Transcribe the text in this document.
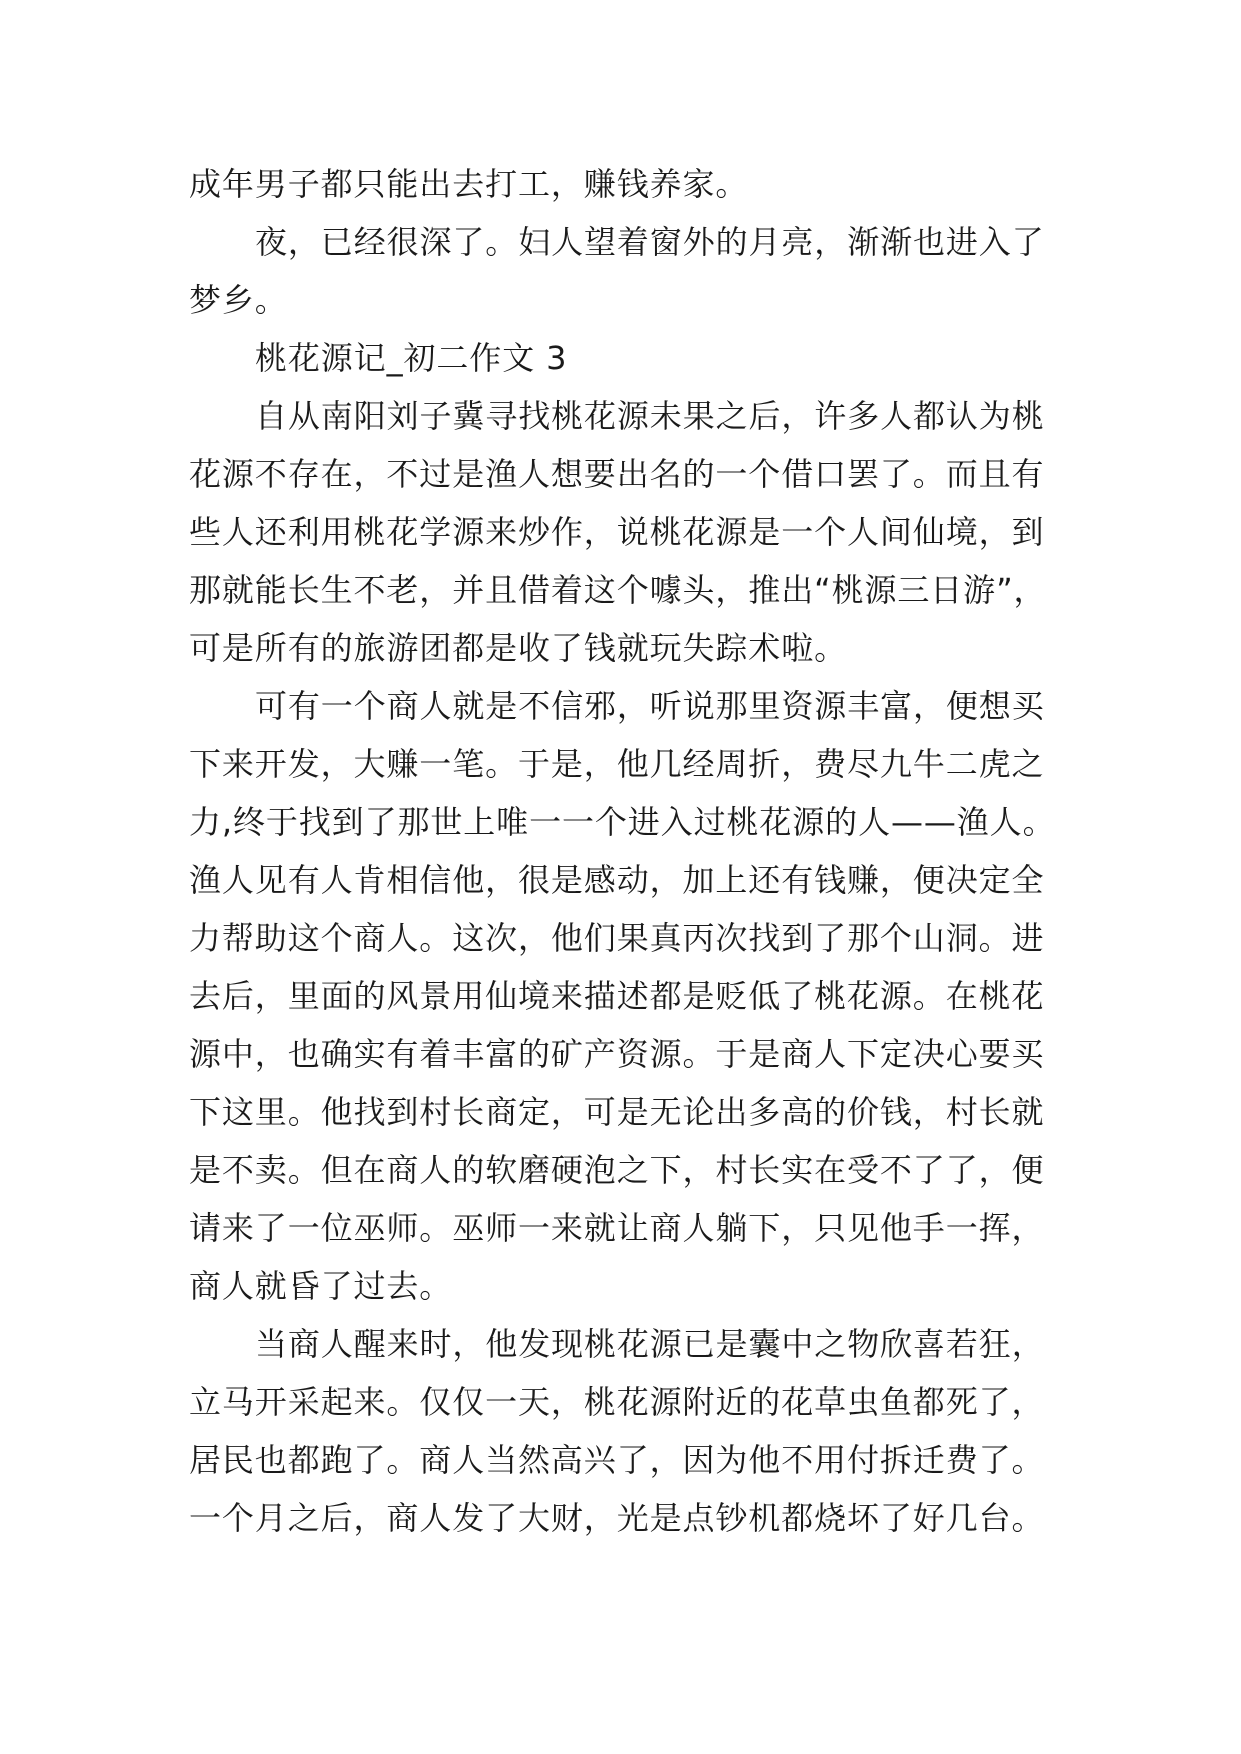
成年男子都只能出去打工，赚钱养家。
夜，已经很深了。妇人望着窗外的月亮，渐渐也进入了
梦乡。
桃花源记_初二作文 3
自从南阳刘子冀寻找桃花源未果之后，许多人都认为桃
花源不存在，不过是渔人想要出名的一个借口罢了。而且有
些人还利用桃花学源来炒作，说桃花源是一个人间仙境，到
那就能长生不老，并且借着这个噱头，推出“桃源三日游”，
可是所有的旅游团都是收了钱就玩失踪术啦。
可有一个商人就是不信邪，听说那里资源丰富，便想买
下来开发，大赚一笔。于是，他几经周折，费尽九牛二虎之
力,终于找到了那世上唯一一个进入过桃花源的人——渔人。
渔人见有人肯相信他，很是感动，加上还有钱赚，便决定全
力帮助这个商人。这次，他们果真丙次找到了那个山洞。进
去后，里面的风景用仙境来描述都是贬低了桃花源。在桃花
源中，也确实有着丰富的矿产资源。于是商人下定决心要买
下这里。他找到村长商定，可是无论出多高的价钱，村长就
是不卖。但在商人的软磨硬泡之下，村长实在受不了了，便
请来了一位巫师。巫师一来就让商人躺下，只见他手一挥，
商人就昏了过去。
当商人醒来时，他发现桃花源已是囊中之物欣喜若狂，
立马开采起来。仅仅一天，桃花源附近的花草虫鱼都死了，
居民也都跑了。商人当然高兴了，因为他不用付拆迁费了。
一个月之后，商人发了大财，光是点钞机都烧坏了好几台。
